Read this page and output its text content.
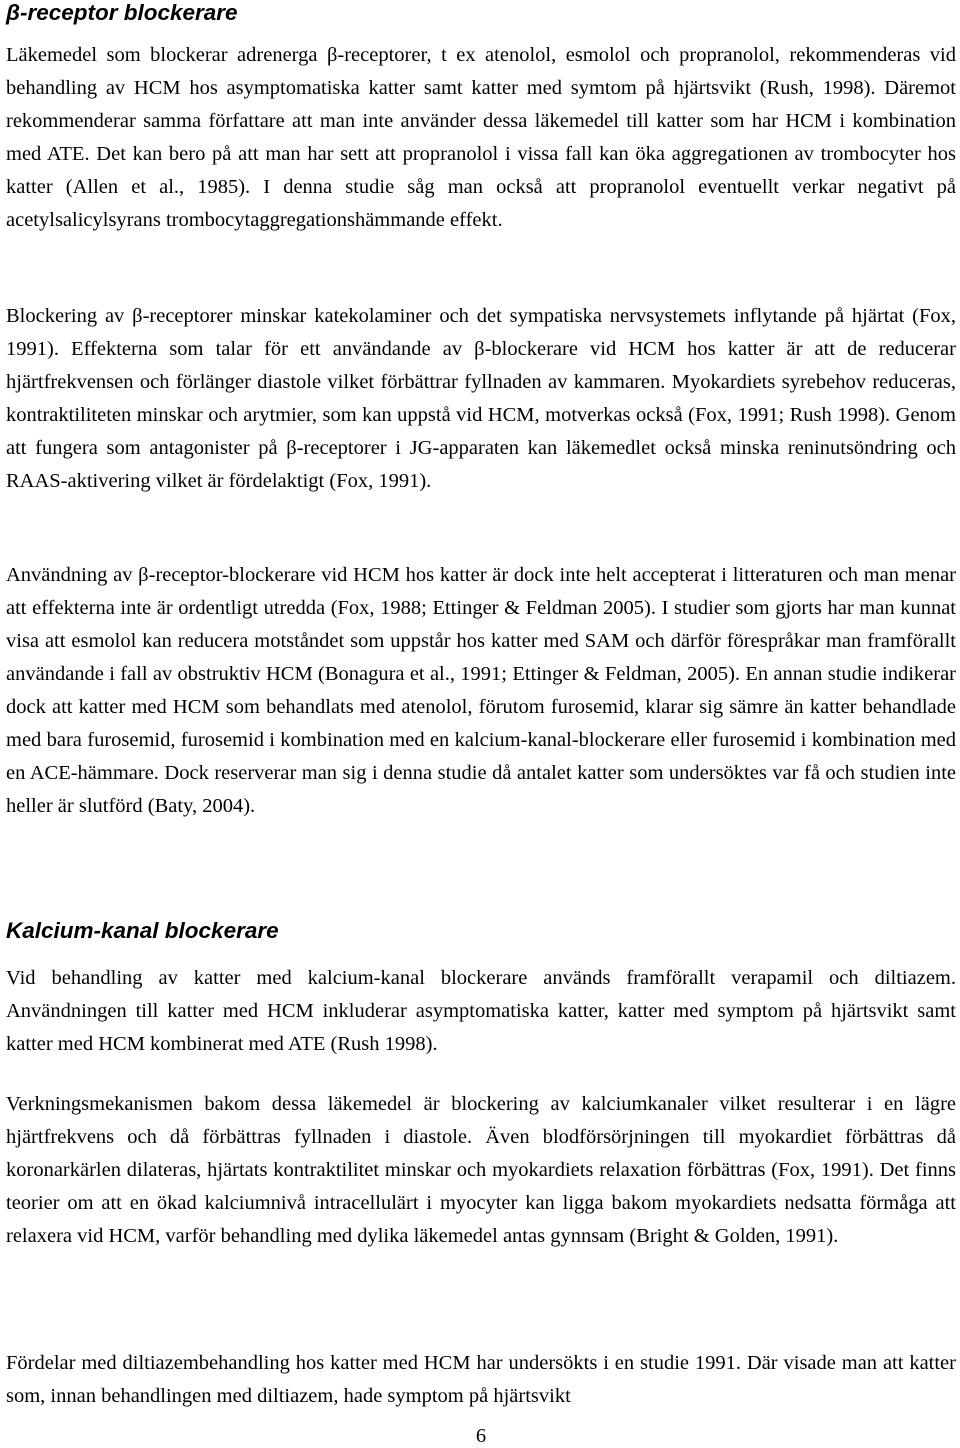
β-receptor blockerare

Läkemedel som blockerar adrenerga β-receptorer, t ex atenolol, esmolol och propranolol, rekommenderas vid behandling av HCM hos asymptomatiska katter samt katter med symtom på hjärtsvikt (Rush, 1998). Däremot rekommenderar samma författare att man inte använder dessa läkemedel till katter som har HCM i kombination med ATE. Det kan bero på att man har sett att propranolol i vissa fall kan öka aggregationen av trombocyter hos katter (Allen et al., 1985). I denna studie såg man också att propranolol eventuellt verkar negativt på acetylsalicylsyrans trombocytaggregationshämmande effekt.

Blockering av β-receptorer minskar katekolaminer och det sympatiska nervsystemets inflytande på hjärtat (Fox, 1991). Effekterna som talar för ett användande av β-blockerare vid HCM hos katter är att de reducerar hjärtfrekvensen och förlänger diastole vilket förbättrar fyllnaden av kammaren. Myokardiets syrebehov reduceras, kontraktiliteten minskar och arytmier, som kan uppstå vid HCM, motverkas också (Fox, 1991; Rush 1998). Genom att fungera som antagonister på β-receptorer i JG-apparaten kan läkemedlet också minska reninutsöndring och RAAS-aktivering vilket är fördelaktigt (Fox, 1991).

Användning av β-receptor-blockerare vid HCM hos katter är dock inte helt accepterat i litteraturen och man menar att effekterna inte är ordentligt utredda (Fox, 1988; Ettinger & Feldman 2005). I studier som gjorts har man kunnat visa att esmolol kan reducera motståndet som uppstår hos katter med SAM och därför förespråkar man framförallt användande i fall av obstruktiv HCM (Bonagura et al., 1991; Ettinger & Feldman, 2005). En annan studie indikerar dock att katter med HCM som behandlats med atenolol, förutom furosemid, klarar sig sämre än katter behandlade med bara furosemid, furosemid i kombination med en kalcium-kanal-blockerare eller furosemid i kombination med en ACE-hämmare. Dock reserverar man sig i denna studie då antalet katter som undersöktes var få och studien inte heller är slutförd (Baty, 2004).

Kalcium-kanal blockerare

Vid behandling av katter med kalcium-kanal blockerare används framförallt verapamil och diltiazem. Användningen till katter med HCM inkluderar asymptomatiska katter, katter med symptom på hjärtsvikt samt katter med HCM kombinerat med ATE (Rush 1998).

Verkningsmekanismen bakom dessa läkemedel är blockering av kalciumkanaler vilket resulterar i en lägre hjärtfrekvens och då förbättras fyllnaden i diastole. Även blodförsörjningen till myokardiet förbättras då koronarkärlen dilateras, hjärtats kontraktilitet minskar och myokardiets relaxation förbättras (Fox, 1991). Det finns teorier om att en ökad kalciumnivå intracellulärt i myocyter kan ligga bakom myokardiets nedsatta förmåga att relaxera vid HCM, varför behandling med dylika läkemedel antas gynnsam (Bright & Golden, 1991).

Fördelar med diltiazembehandling hos katter med HCM har undersökts i en studie 1991. Där visade man att katter som, innan behandlingen med diltiazem, hade symptom på hjärtsvikt

6
